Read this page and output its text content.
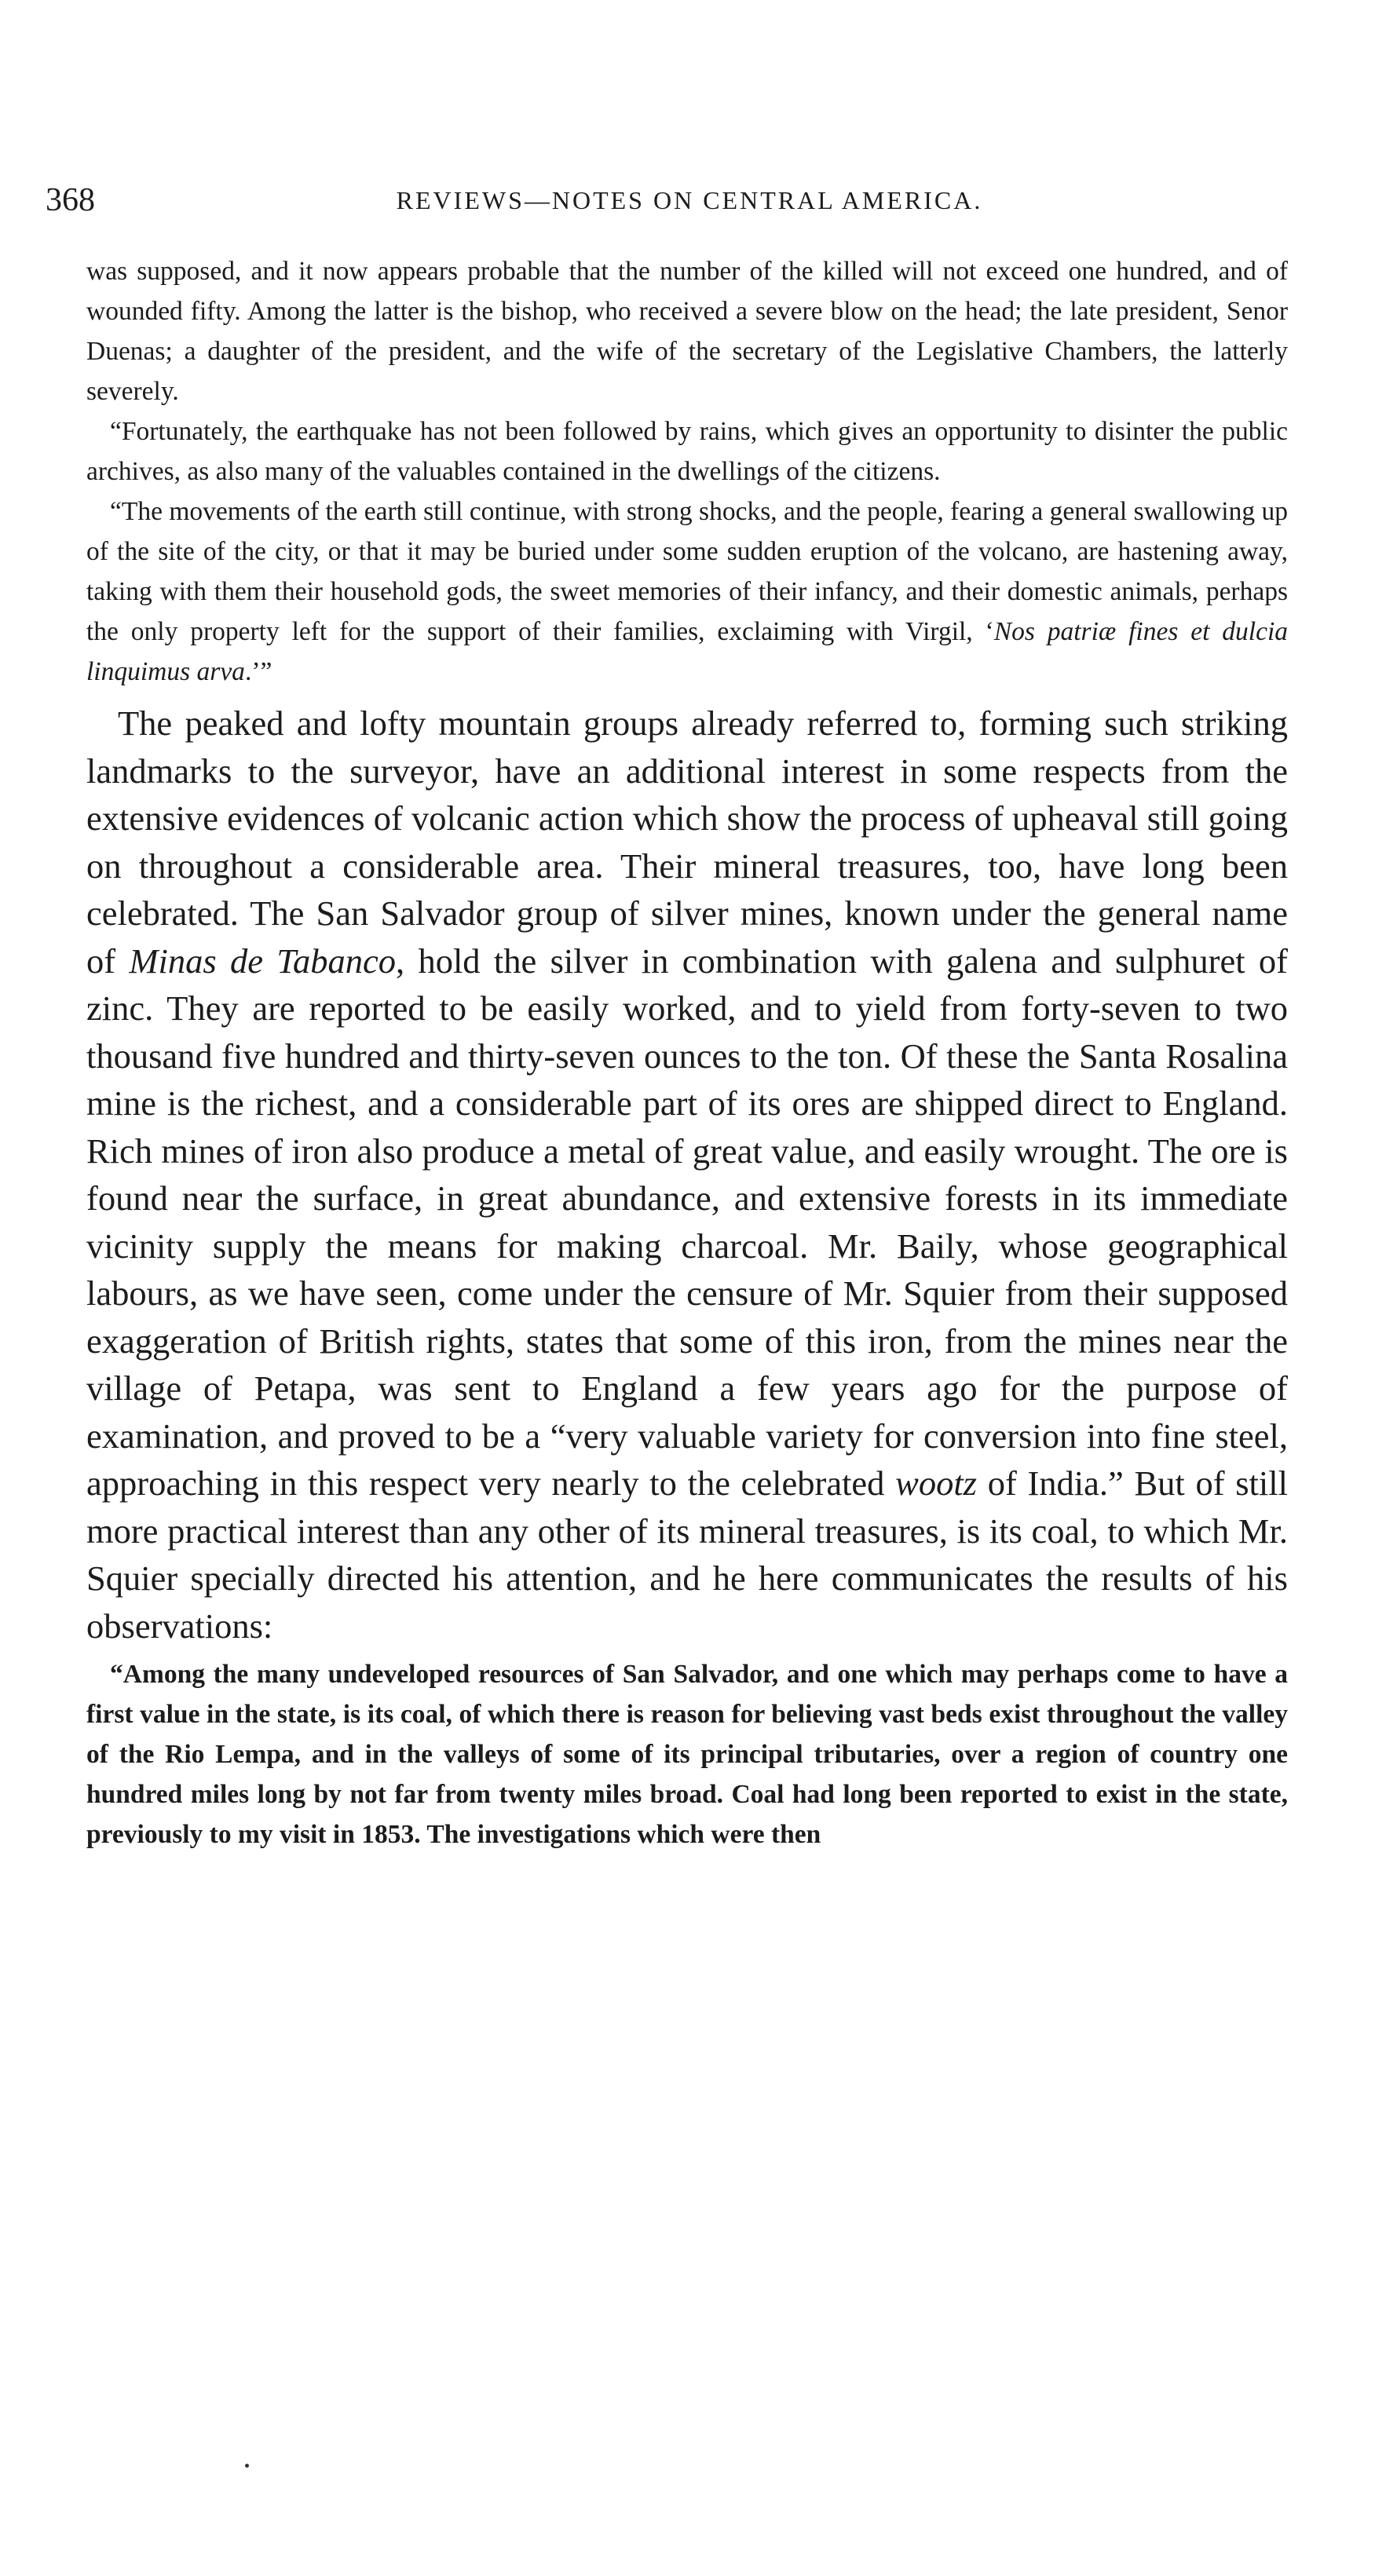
368	REVIEWS—NOTES ON CENTRAL AMERICA.

was supposed, and it now appears probable that the number of the killed will not exceed one hundred, and of wounded fifty. Among the latter is the bishop, who received a severe blow on the head; the late president, Senor Duenas; a daughter of the president, and the wife of the secretary of the Legislative Chambers, the latterly severely.

“Fortunately, the earthquake has not been followed by rains, which gives an opportunity to disinter the public archives, as also many of the valuables contained in the dwellings of the citizens.

“The movements of the earth still continue, with strong shocks, and the people, fearing a general swallowing up of the site of the city, or that it may be buried under some sudden eruption of the volcano, are hastening away, taking with them their household gods, the sweet memories of their infancy, and their domestic animals, perhaps the only property left for the support of their families, exclaiming with Virgil, ‘Nos patriæ fines et dulcia linquimus arva.’”

The peaked and lofty mountain groups already referred to, forming such striking landmarks to the surveyor, have an additional interest in some respects from the extensive evidences of volcanic action which show the process of upheaval still going on throughout a considerable area. Their mineral treasures, too, have long been celebrated. The San Salvador group of silver mines, known under the general name of Minas de Tabanco, hold the silver in combination with galena and sulphuret of zinc. They are reported to be easily worked, and to yield from forty-seven to two thousand five hundred and thirty-seven ounces to the ton. Of these the Santa Rosalina mine is the richest, and a considerable part of its ores are shipped direct to England. Rich mines of iron also produce a metal of great value, and easily wrought. The ore is found near the surface, in great abundance, and extensive forests in its immediate vicinity supply the means for making charcoal. Mr. Baily, whose geographical labours, as we have seen, come under the censure of Mr. Squier from their supposed exaggeration of British rights, states that some of this iron, from the mines near the village of Petapa, was sent to England a few years ago for the purpose of examination, and proved to be a “very valuable variety for conversion into fine steel, approaching in this respect very nearly to the celebrated wootz of India.” But of still more practical interest than any other of its mineral treasures, is its coal, to which Mr. Squier specially directed his attention, and he here communicates the results of his observations:

“Among the many undeveloped resources of San Salvador, and one which may perhaps come to have a first value in the state, is its coal, of which there is reason for believing vast beds exist throughout the valley of the Rio Lempa, and in the valleys of some of its principal tributaries, over a region of country one hundred miles long by not far from twenty miles broad. Coal had long been reported to exist in the state, previously to my visit in 1853. The investigations which were then
